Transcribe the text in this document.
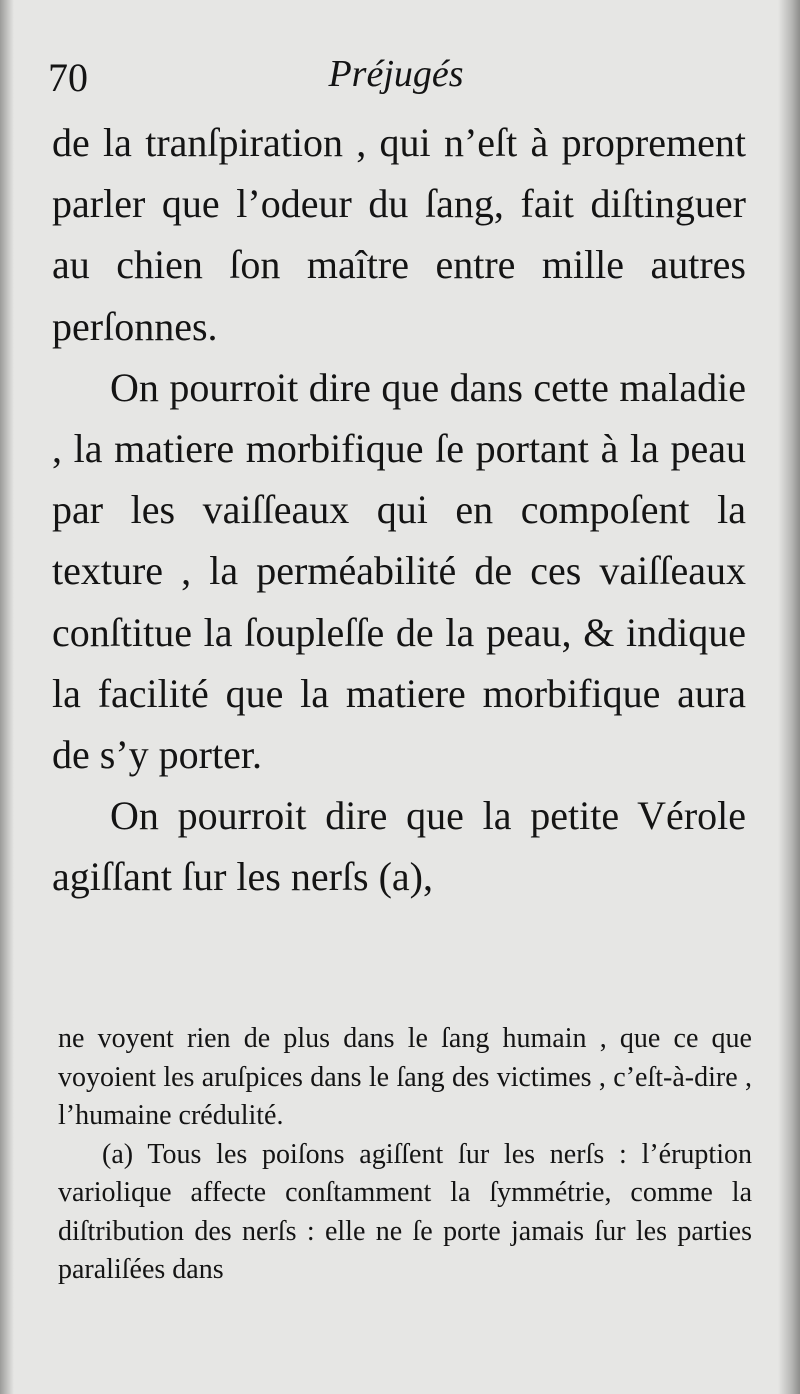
70	Préjugés

de la tranſpiration , qui n’eſt à proprement parler que l’odeur du ſang, fait diſtinguer au chien ſon maître entre mille autres perſonnes.

On pourroit dire que dans cette maladie , la matiere morbifique ſe portant à la peau par les vaiſſeaux qui en compoſent la texture , la perméabilité de ces vaiſſeaux conſtitue la ſoupleſſe de la peau, & indique la facilité que la matiere morbifique aura de s’y porter.

On pourroit dire que la petite Vérole agiſſant ſur les nerſs (a),

ne voyent rien de plus dans le ſang humain , que ce que voyoient les aruſpices dans le ſang des victimes , c’eſt-à-dire , l’humaine crédulité.

(a) Tous les poiſons agiſſent ſur les nerſs : l’éruption variolique affecte conſtamment la ſymmétrie, comme la diſtribution des nerſs : elle ne ſe porte jamais ſur les parties paraliſées dans
